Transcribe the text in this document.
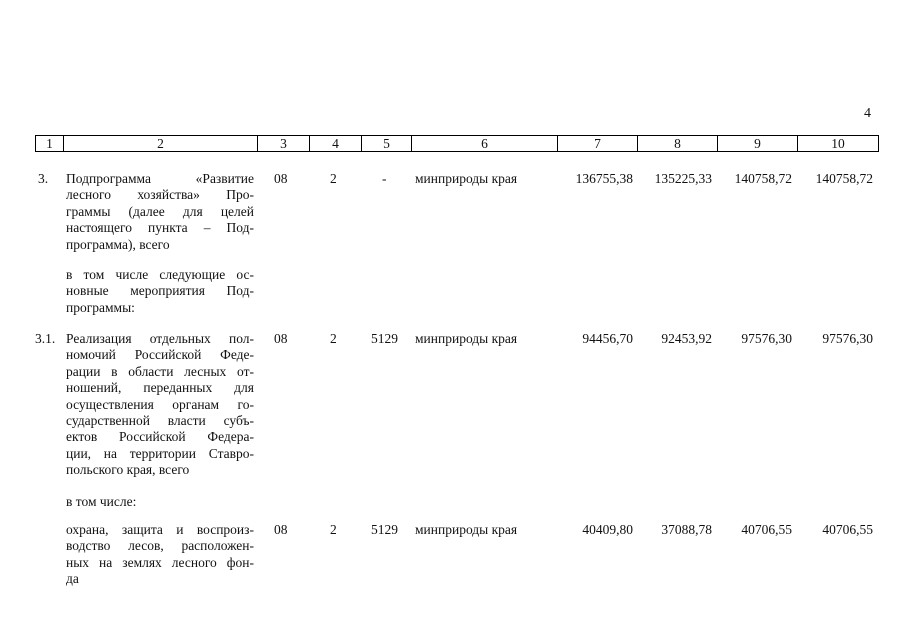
4
1	2	3	4	5	6	7	8	9	10
3. Подпрограмма «Развитие
лесного хозяйства» Про-
граммы (далее для целей
настоящего пункта – Под-
программа), всего
08	2	- минприроды края	136755,38	135225,33	140758,72	140758,72
в том числе следующие ос-
новные мероприятия Под-
программы:
3.1. Реализация отдельных пол-
номочий Российской Феде-
рации в области лесных от-
ношений, переданных для
осуществления органам го-
сударственной власти субъ-
ектов Российской Федера-
ции, на территории Ставро-
польского края, всего
08	2	5129 минприроды края	94456,70	92453,92	97576,30	97576,30
в том числе:
охрана, защита и воспроиз-
водство лесов, расположен-
ных на землях лесного фон-
да
08	2	5129 минприроды края	40409,80	37088,78	40706,55	40706,55
